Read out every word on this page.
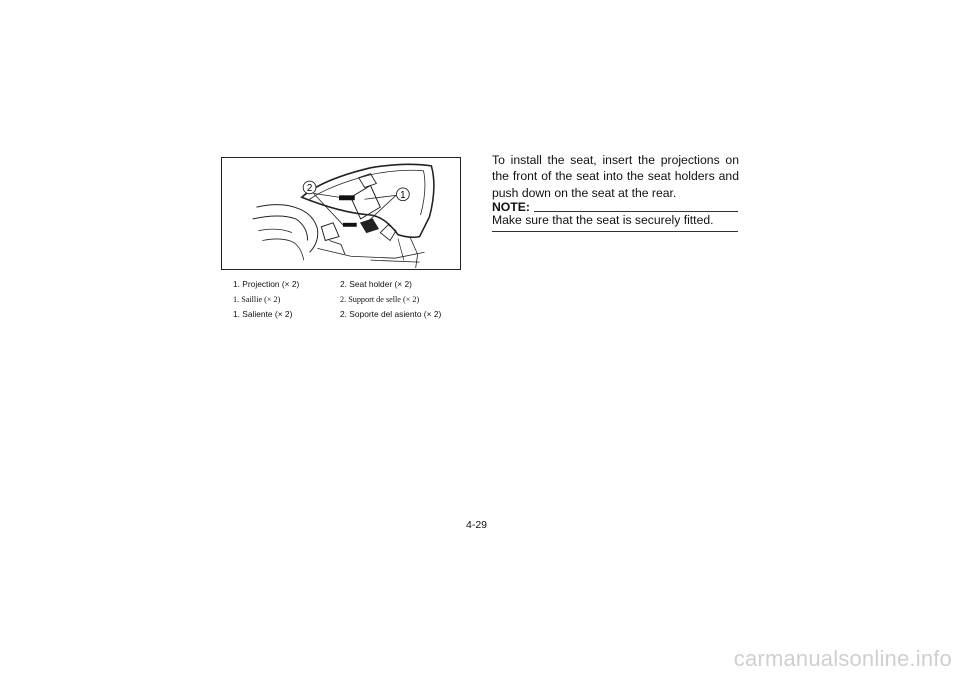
1
2
1. Projection (× 2)	2. Seat holder (× 2)
1. Saillie (× 2)	2. Support de selle (× 2)
1. Saliente (× 2)	2. Soporte del asiento (× 2)

To install the seat, insert the projections on the front of the seat into the seat holders and push down on the seat at the rear.

NOTE:

Make sure that the seat is securely fitted.

4-29
carmanualsonline.info
